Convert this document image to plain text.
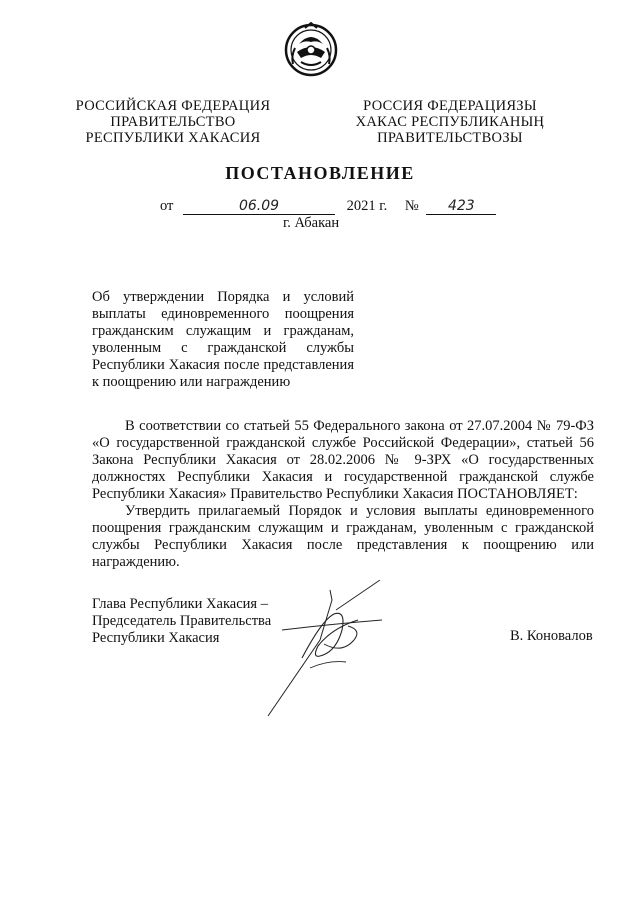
РОССИЙСКАЯ ФЕДЕРАЦИЯ
ПРАВИТЕЛЬСТВО
РЕСПУБЛИКИ ХАКАСИЯ
РОССИЯ ФЕДЕРАЦИЯЗЫ
ХАКАС РЕСПУБЛИКАНЫӉ
ПРАВИТЕЛЬСТВОЗЫ
ПОСТАНОВЛЕНИЕ
от	06.09	2021 г. № 423
г. Абакан
Об утверждении Порядка и условий выплаты единовременного поощрения гражданским служащим и гражданам, уволенным с гражданской службы Республики Хакасия после представления к поощрению или награждению

В соответствии со статьей 55 Федерального закона от 27.07.2004 № 79-ФЗ «О государственной гражданской службе Российской Федерации», статьей 56 Закона Республики Хакасия от 28.02.2006 № 9-ЗРХ «О государственных должностях Республики Хакасия и государственной гражданской службе Республики Хакасия» Правительство Республики Хакасия ПОСТАНОВЛЯЕТ:

Утвердить прилагаемый Порядок и условия выплаты единовременного поощрения гражданским служащим и гражданам, уволенным с гражданской службы Республики Хакасия после представления к поощрению или награждению.

Глава Республики Хакасия –
Председатель Правительства
Республики Хакасия	В. Коновалов
